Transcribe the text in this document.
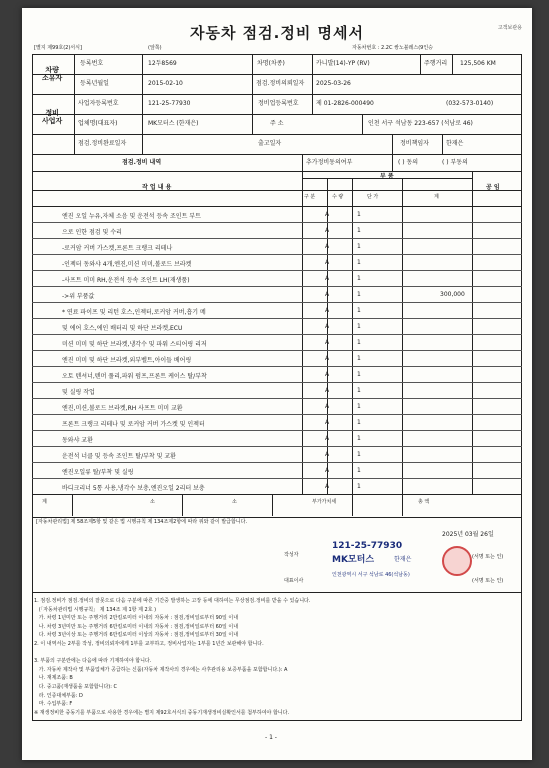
자동차 점검.정비 명세서	고객보관용
[별지 제99호(2)서식]	(앞쪽)	자동차번호 : 2.2C 쌍노블레스(9인승
차량
소유자
등록번호	12두8569	차명(차종)	카니발(14)-YP (RV)	주행거리 125,506 KM
등록년월일	2015-02-10	점검.정비의뢰일자 2025-03-26
정비
사업자
사업자등록번호	121-25-77930	정비업등록번호	제 01-2826-000490	(032-573-0140)
업체명(대표자)	MK모터스 (한재은)	주 소	인천 서구 석남동 223-657 (석남로 46)
점검.정비완료일자	출고일자	정비책임자	한재은
점검.정비 내역	추가정비동의여부	( ) 동의	( ) 부동의
작 업 내 용
부 품
공 임
구 분	수 량	단 가	계
엔진 오일 누유,자체 소음 및 운전석 등속 조인트 부트	A	1
으로 인한 점검 및 수리	A	1
-로커암 커버 가스켓,프론트 크랭크 리테나	A	1
-인젝터 동와샤 4개,엔진,미션 미미,볼로드 브라켓	A	1
-사프트 미미 RH,운전석 등속 조인트 LH(재생품)	A	1
->위 부품값	A	1	300,000
* 연료 파이프 및 리턴 호스,인젝터,로커암 커버,흡기 메	A	1
및 에어 호스,에인 배터리 및 하단 브라켓,ECU	A	1
미션 미미 및 하단 브라켓,냉각수 및 파워 스티어링 리저	A	1
엔진 미미 및 하단 브라켓,외부벨트,아이들 베어링	A	1
오토 텐셔너,텐머 풀리,파워 펌프,프론트 케이스 탈/부착	A	1
및 실링 작업	A	1
엔진,미션,볼로드 브라켓,RH 사프트 미미 교환	A	1
프론트 크랭크 리테나 및 로커암 커버 가스켓 및 인젝터	A	1
동와샤 교환	A	1
운전석 너클 및 등속 조인트 탈/부착 및 교환	A	1
엔진오일류 탈/부착 및 실링	A	1
바디크리너 5통 사용,냉각수 보충,엔진오일 2리터 보충	A	1
계	소	소	부가가치세	총 액
[자동차관리법] 제 58조제5항 및 같은 법 시행규칙 제 134조제2항에 따라 위와 같이 발급합니다.
2025년 03월 26일
작성자
121-25-77930
MK모터스	한재은
대표이사
인천광역시 서구 석남로 46(석남동)
(서명 또는 인)
(서명 또는 인)
1. 점검.정비가 점검.정비의 잘못으로 다음 구분에 따른 기간중 발생하는 고장 등에 대하여는 무상점검.정비를 받을 수 있습니다.
(「자동차관리법 시행규칙」 제 134조 제 1항 제 2호 )
가. 차령 1년미만 또는 주행거리 2만킬로미터 이내의 자동차 : 점검,정비일로부터 90일 이내
나. 차령 3년미만 또는 주행거리 6만킬로미터 이내의 자동차 : 점검,정비일로부터 60일 이내
다. 차령 3년이상 또는 주행거리 6만킬로미터 이상의 자동차 : 점검,정비일로부터 30일 이내
2. 이 내역서는 2부를 작성, 정비의뢰자에게 1부를 교부하고, 정비사업자는 1부를 1년간 보관해야 합니다.
3. 부품의 구분란에는 다음에 따라 기재하여야 합니다.
가. 자동차 제작사 및 부품업체가 공급하는 신품(자동차 제작사의 경우에는 사후관리용 보증부품을 포함합니다.): A
나. 재제조품: B
다. 중고품(재생품을 포함합니다): C
라. 인증대체부품: D
마. 수입부품: F
※ 재생정비한 중동기를 부품으로 사용한 경우에는 별지 제92호서식의 중동기재생정비실확인서를 첨부하여야 합니다.
- 1 -
